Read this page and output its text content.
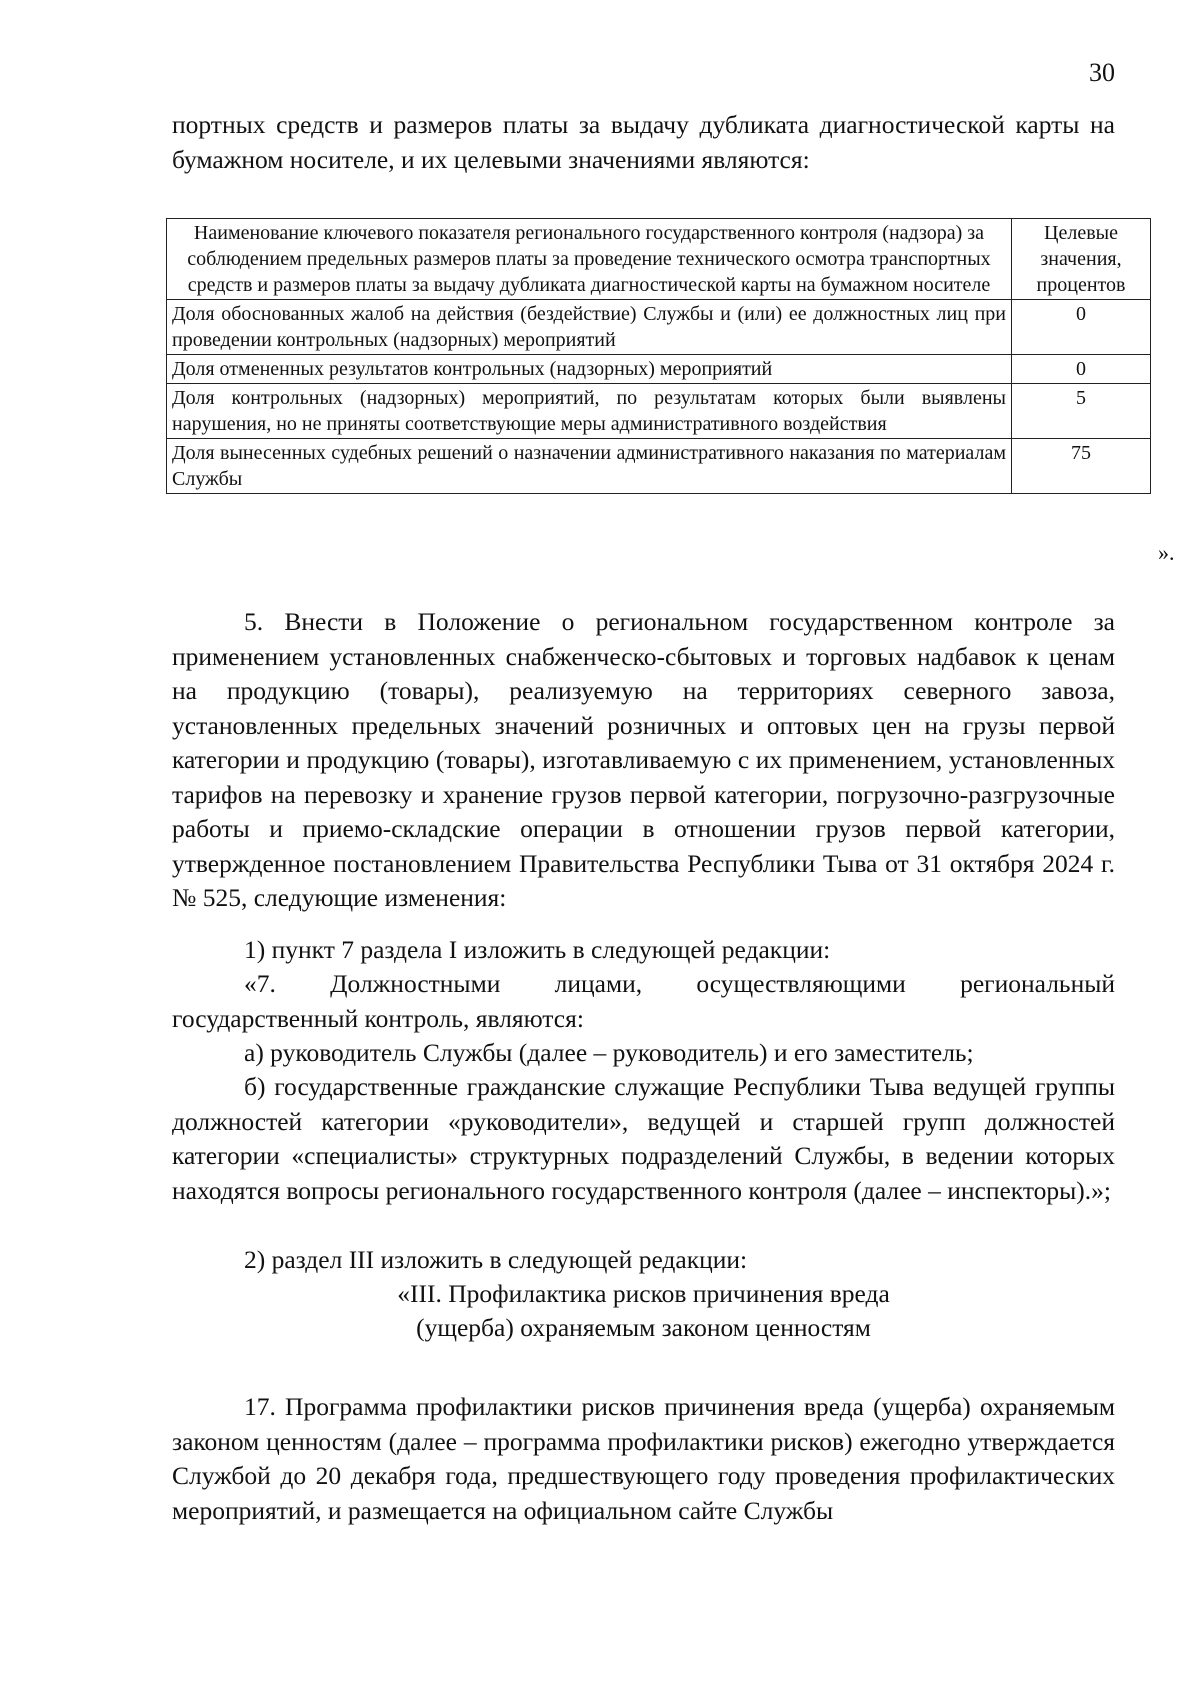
30

портных средств и размеров платы за выдачу дубликата диагностической карты на бумажном носителе, и их целевыми значениями являются:

Наименование ключевого показателя регионального государственного контроля (надзора) за соблюдением предельных размеров платы за проведение технического осмотра транспортных средств и размеров платы за выдачу дубликата диагностической карты на бумажном носителе	Целевые значения, процентов
Доля обоснованных жалоб на действия (бездействие) Службы и (или) ее должностных лиц при проведении контрольных (надзорных) мероприятий	0
Доля отмененных результатов контрольных (надзорных) мероприятий	0
Доля контрольных (надзорных) мероприятий, по результатам которых были выявлены нарушения, но не приняты соответствующие меры административного воздействия	5
Доля вынесенных судебных решений о назначении административного наказания по материалам Службы	75
».

5. Внести в Положение о региональном государственном контроле за применением установленных снабженческо-сбытовых и торговых надбавок к ценам на продукцию (товары), реализуемую на территориях северного завоза, установленных предельных значений розничных и оптовых цен на грузы первой категории и продукцию (товары), изготавливаемую с их применением, установленных тарифов на перевозку и хранение грузов первой категории, погрузочно-разгрузочные работы и приемо-складские операции в отношении грузов первой категории, утвержденное постановлением Правительства Республики Тыва от 31 октября 2024 г. № 525, следующие изменения:

1) пункт 7 раздела I изложить в следующей редакции:

«7. Должностными лицами, осуществляющими региональный государственный контроль, являются:

а) руководитель Службы (далее – руководитель) и его заместитель;

б) государственные гражданские служащие Республики Тыва ведущей группы должностей категории «руководители», ведущей и старшей групп должностей категории «специалисты» структурных подразделений Службы, в ведении которых находятся вопросы регионального государственного контроля (далее – инспекторы).»;

2) раздел III изложить в следующей редакции:

«III. Профилактика рисков причинения вреда

(ущерба) охраняемым законом ценностям

17. Программа профилактики рисков причинения вреда (ущерба) охраняемым законом ценностям (далее – программа профилактики рисков) ежегодно утверждается Службой до 20 декабря года, предшествующего году проведения профилактических мероприятий, и размещается на официальном сайте Службы
